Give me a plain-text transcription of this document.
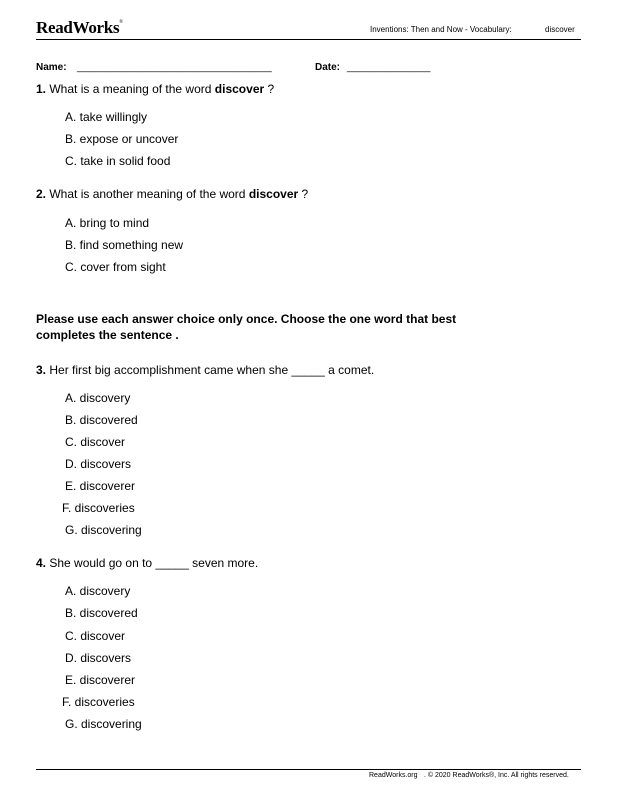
ReadWorks®
Inventions: Then and Now - Vocabulary:	discover
Name: ___________________________________	Date: _______________
1. What is a meaning of the word discover ?
A. take willingly
B. expose or uncover
C. take in solid food
2. What is another meaning of the word discover ?
A. bring to mind
B. find something new
C. cover from sight
Please use each answer choice only once. Choose the one word that best
completes the sentence .
3. Her first big accomplishment came when she _____ a comet.
A. discovery
B. discovered
C. discover
D. discovers
E. discoverer
F. discoveries
G. discovering
4. She would go on to _____ seven more.
A. discovery
B. discovered
C. discover
D. discovers
E. discoverer
F. discoveries
G. discovering
ReadWorks.org . © 2020 ReadWorks®, Inc. All rights reserved.
